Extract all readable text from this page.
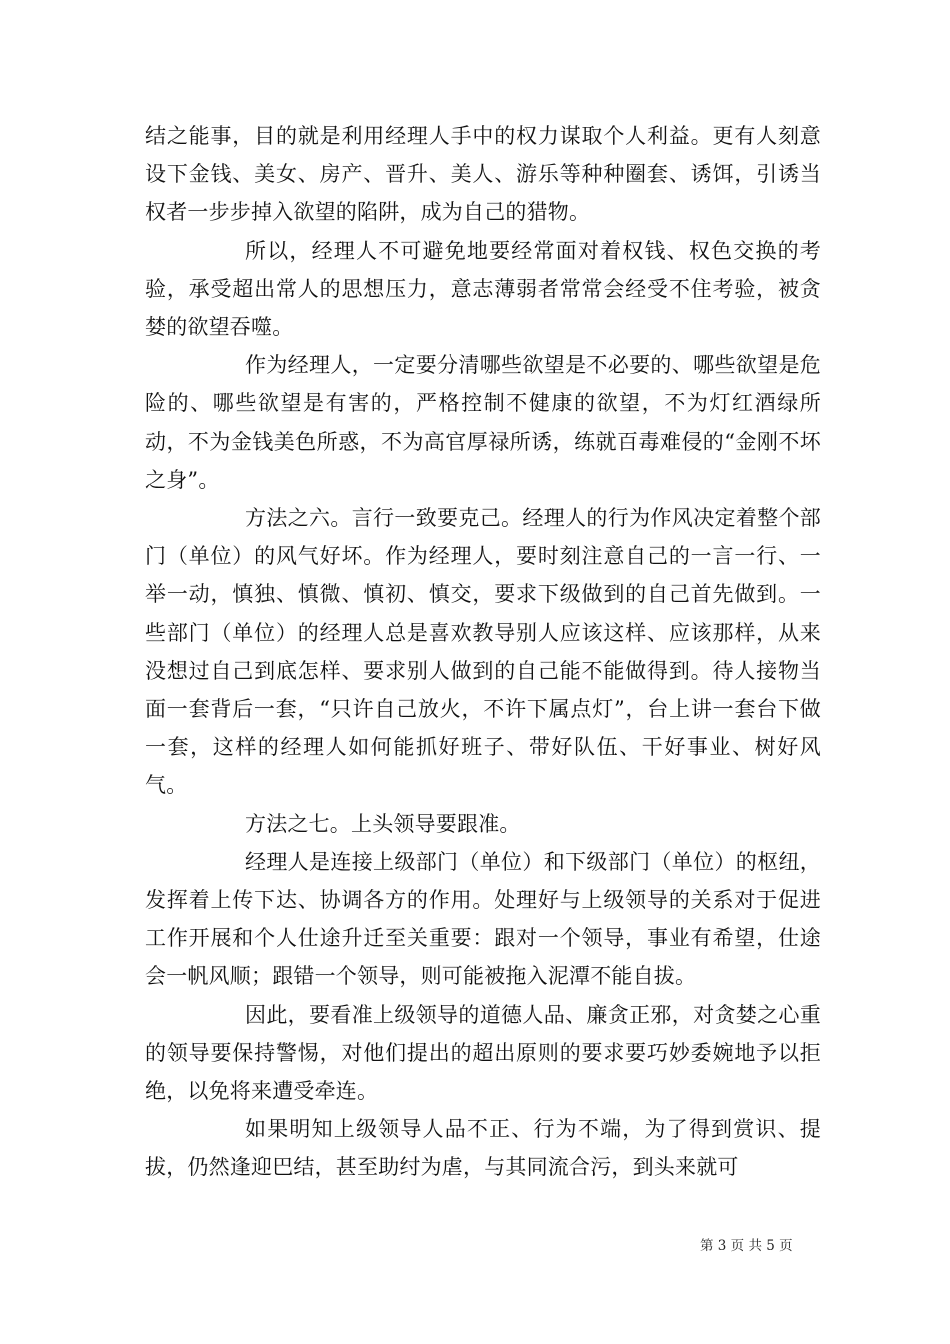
结之能事，目的就是利用经理人手中的权力谋取个人利益。更有人刻意设下金钱、美女、房产、晋升、美人、游乐等种种圈套、诱饵，引诱当权者一步步掉入欲望的陷阱，成为自己的猎物。

所以，经理人不可避免地要经常面对着权钱、权色交换的考验，承受超出常人的思想压力，意志薄弱者常常会经受不住考验，被贪婪的欲望吞噬。

作为经理人，一定要分清哪些欲望是不必要的、哪些欲望是危险的、哪些欲望是有害的，严格控制不健康的欲望，不为灯红酒绿所动，不为金钱美色所惑，不为高官厚禄所诱，练就百毒难侵的“金刚不坏之身”。

方法之六。言行一致要克己。经理人的行为作风决定着整个部门（单位）的风气好坏。作为经理人，要时刻注意自己的一言一行、一举一动，慎独、慎微、慎初、慎交，要求下级做到的自己首先做到。一些部门（单位）的经理人总是喜欢教导别人应该这样、应该那样，从来没想过自己到底怎样、要求别人做到的自己能不能做得到。待人接物当面一套背后一套，“只许自己放火，不许下属点灯”，台上讲一套台下做一套，这样的经理人如何能抓好班子、带好队伍、干好事业、树好风气。

方法之七。上头领导要跟准。

经理人是连接上级部门（单位）和下级部门（单位）的枢纽，发挥着上传下达、协调各方的作用。处理好与上级领导的关系对于促进工作开展和个人仕途升迁至关重要：跟对一个领导，事业有希望，仕途会一帆风顺；跟错一个领导，则可能被拖入泥潭不能自拔。

因此，要看准上级领导的道德人品、廉贪正邪，对贪婪之心重的领导要保持警惕，对他们提出的超出原则的要求要巧妙委婉地予以拒绝，以免将来遭受牵连。

如果明知上级领导人品不正、行为不端，为了得到赏识、提拔，仍然逢迎巴结，甚至助纣为虐，与其同流合污，到头来就可

第 3 页 共 5 页
